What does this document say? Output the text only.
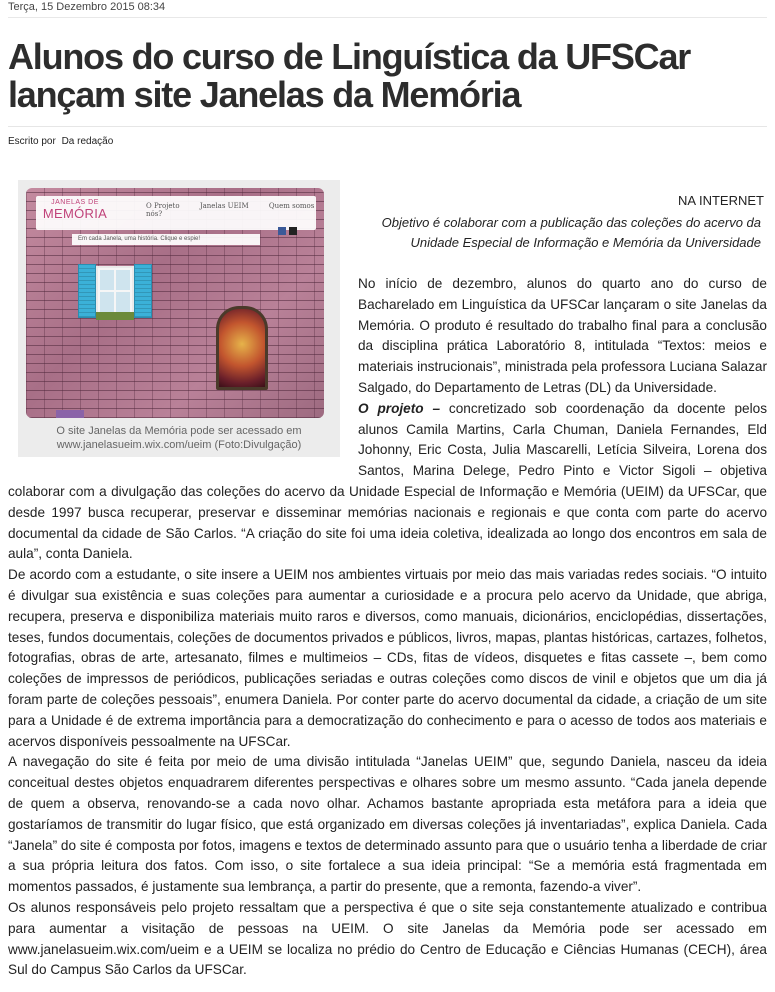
Terça, 15 Dezembro 2015 08:34
Alunos do curso de Linguística da UFSCar
lançam site Janelas da Memória
Escrito por Da redação
JANELAS DE
MEMÓRIA	O Projeto	Janelas UEIM	Quem somos nós?
Em cada Janela, uma história. Clique e espie!
O site Janelas da Memória pode ser acessado em
www.janelasueim.wix.com/ueim (Foto:Divulgação)
NA INTERNET
Objetivo é colaborar com a publicação das coleções do acervo da
Unidade Especial de Informação e Memória da Universidade

No início de dezembro, alunos do quarto ano do curso de Bacharelado em Linguística da UFSCar lançaram o site Janelas da Memória. O produto é resultado do trabalho final para a conclusão da disciplina prática Laboratório 8, intitulada “Textos: meios e materiais instrucionais”, ministrada pela professora Luciana Salazar Salgado, do Departamento de Letras (DL) da Universidade.

O projeto – concretizado sob coordenação da docente pelos alunos Camila Martins, Carla Chuman, Daniela Fernandes, Eld Johonny, Eric Costa, Julia Mascarelli, Letícia Silveira, Lorena dos Santos, Marina Delege, Pedro Pinto e Victor Sigoli – objetiva colaborar com a divulgação das coleções do acervo da Unidade Especial de Informação e Memória (UEIM) da UFSCar, que desde 1997 busca recuperar, preservar e disseminar memórias nacionais e regionais e que conta com parte do acervo documental da cidade de São Carlos. “A criação do site foi uma ideia coletiva, idealizada ao longo dos encontros em sala de aula”, conta Daniela.

De acordo com a estudante, o site insere a UEIM nos ambientes virtuais por meio das mais variadas redes sociais. “O intuito é divulgar sua existência e suas coleções para aumentar a curiosidade e a procura pelo acervo da Unidade, que abriga, recupera, preserva e disponibiliza materiais muito raros e diversos, como manuais, dicionários, enciclopédias, dissertações, teses, fundos documentais, coleções de documentos privados e públicos, livros, mapas, plantas históricas, cartazes, folhetos, fotografias, obras de arte, artesanato, filmes e multimeios – CDs, fitas de vídeos, disquetes e fitas cassete –, bem como coleções de impressos de periódicos, publicações seriadas e outras coleções como discos de vinil e objetos que um dia já foram parte de coleções pessoais”, enumera Daniela. Por conter parte do acervo documental da cidade, a criação de um site para a Unidade é de extrema importância para a democratização do conhecimento e para o acesso de todos aos materiais e acervos disponíveis pessoalmente na UFSCar.

A navegação do site é feita por meio de uma divisão intitulada “Janelas UEIM” que, segundo Daniela, nasceu da ideia conceitual destes objetos enquadrarem diferentes perspectivas e olhares sobre um mesmo assunto. “Cada janela depende de quem a observa, renovando-se a cada novo olhar. Achamos bastante apropriada esta metáfora para a ideia que gostaríamos de transmitir do lugar físico, que está organizado em diversas coleções já inventariadas”, explica Daniela. Cada “Janela” do site é composta por fotos, imagens e textos de determinado assunto para que o usuário tenha a liberdade de criar a sua própria leitura dos fatos. Com isso, o site fortalece a sua ideia principal: “Se a memória está fragmentada em momentos passados, é justamente sua lembrança, a partir do presente, que a remonta, fazendo-a viver”.

Os alunos responsáveis pelo projeto ressaltam que a perspectiva é que o site seja constantemente atualizado e contribua para aumentar a visitação de pessoas na UEIM. O site Janelas da Memória pode ser acessado em www.janelasueim.wix.com/ueim e a UEIM se localiza no prédio do Centro de Educação e Ciências Humanas (CECH), área Sul do Campus São Carlos da UFSCar.
